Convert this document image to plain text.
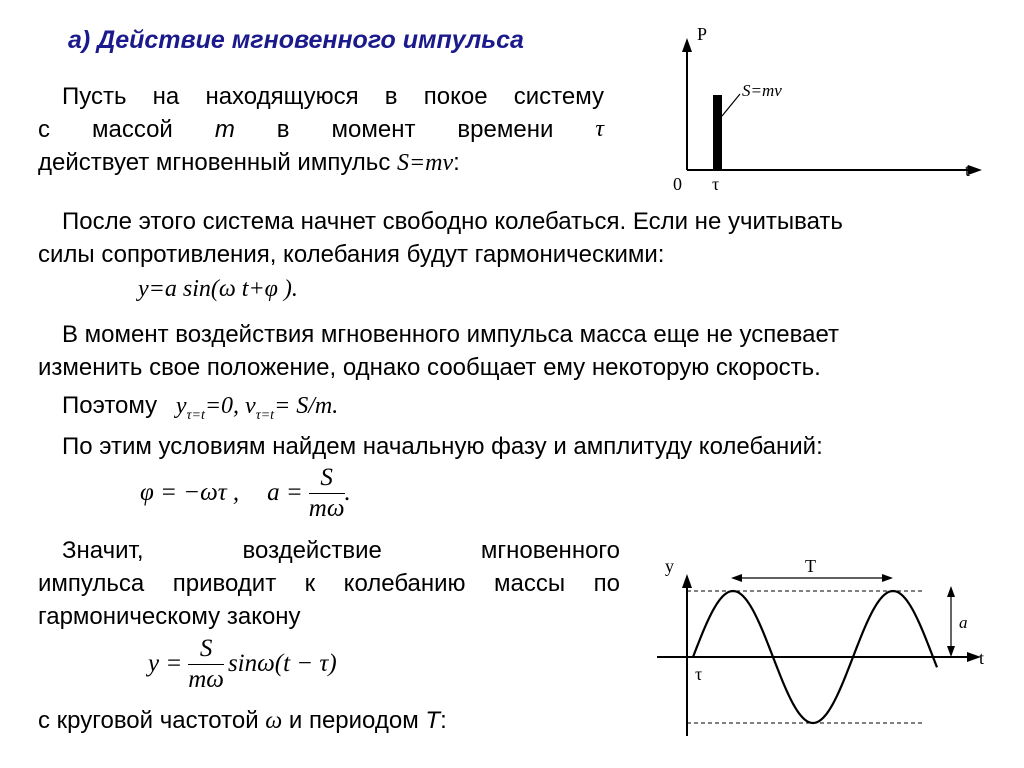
а) Действие мгновенного импульса
Пусть на находящуюся в покое систему
с массой m в момент времени τ
действует мгновенный импульс S=mv:
P
t
0 τ
S=mv
После этого система начнет свободно колебаться. Если не учитывать
силы сопротивления, колебания будут гармоническими:
y=a sin(ω t+φ ).
В момент воздействия мгновенного импульса масса еще не успевает
изменить свое положение, однако сообщает ему некоторую скорость.
Поэтому $y_{\tau=t}=0$, $v_{\tau=t}= S/m$.
По этим условиям найдем начальную фазу и амплитуду колебаний:
φ = −ωτ , $a = \frac{S}{m\omega}$ .
Значит,	воздействие	мгновенного
импульса приводит к колебанию массы по
гармоническому закону
$y = \frac{S}{m\omega} \sin\omega(t - \tau)$
с круговой частотой ω и периодом T:
y
t
τ
T
a
